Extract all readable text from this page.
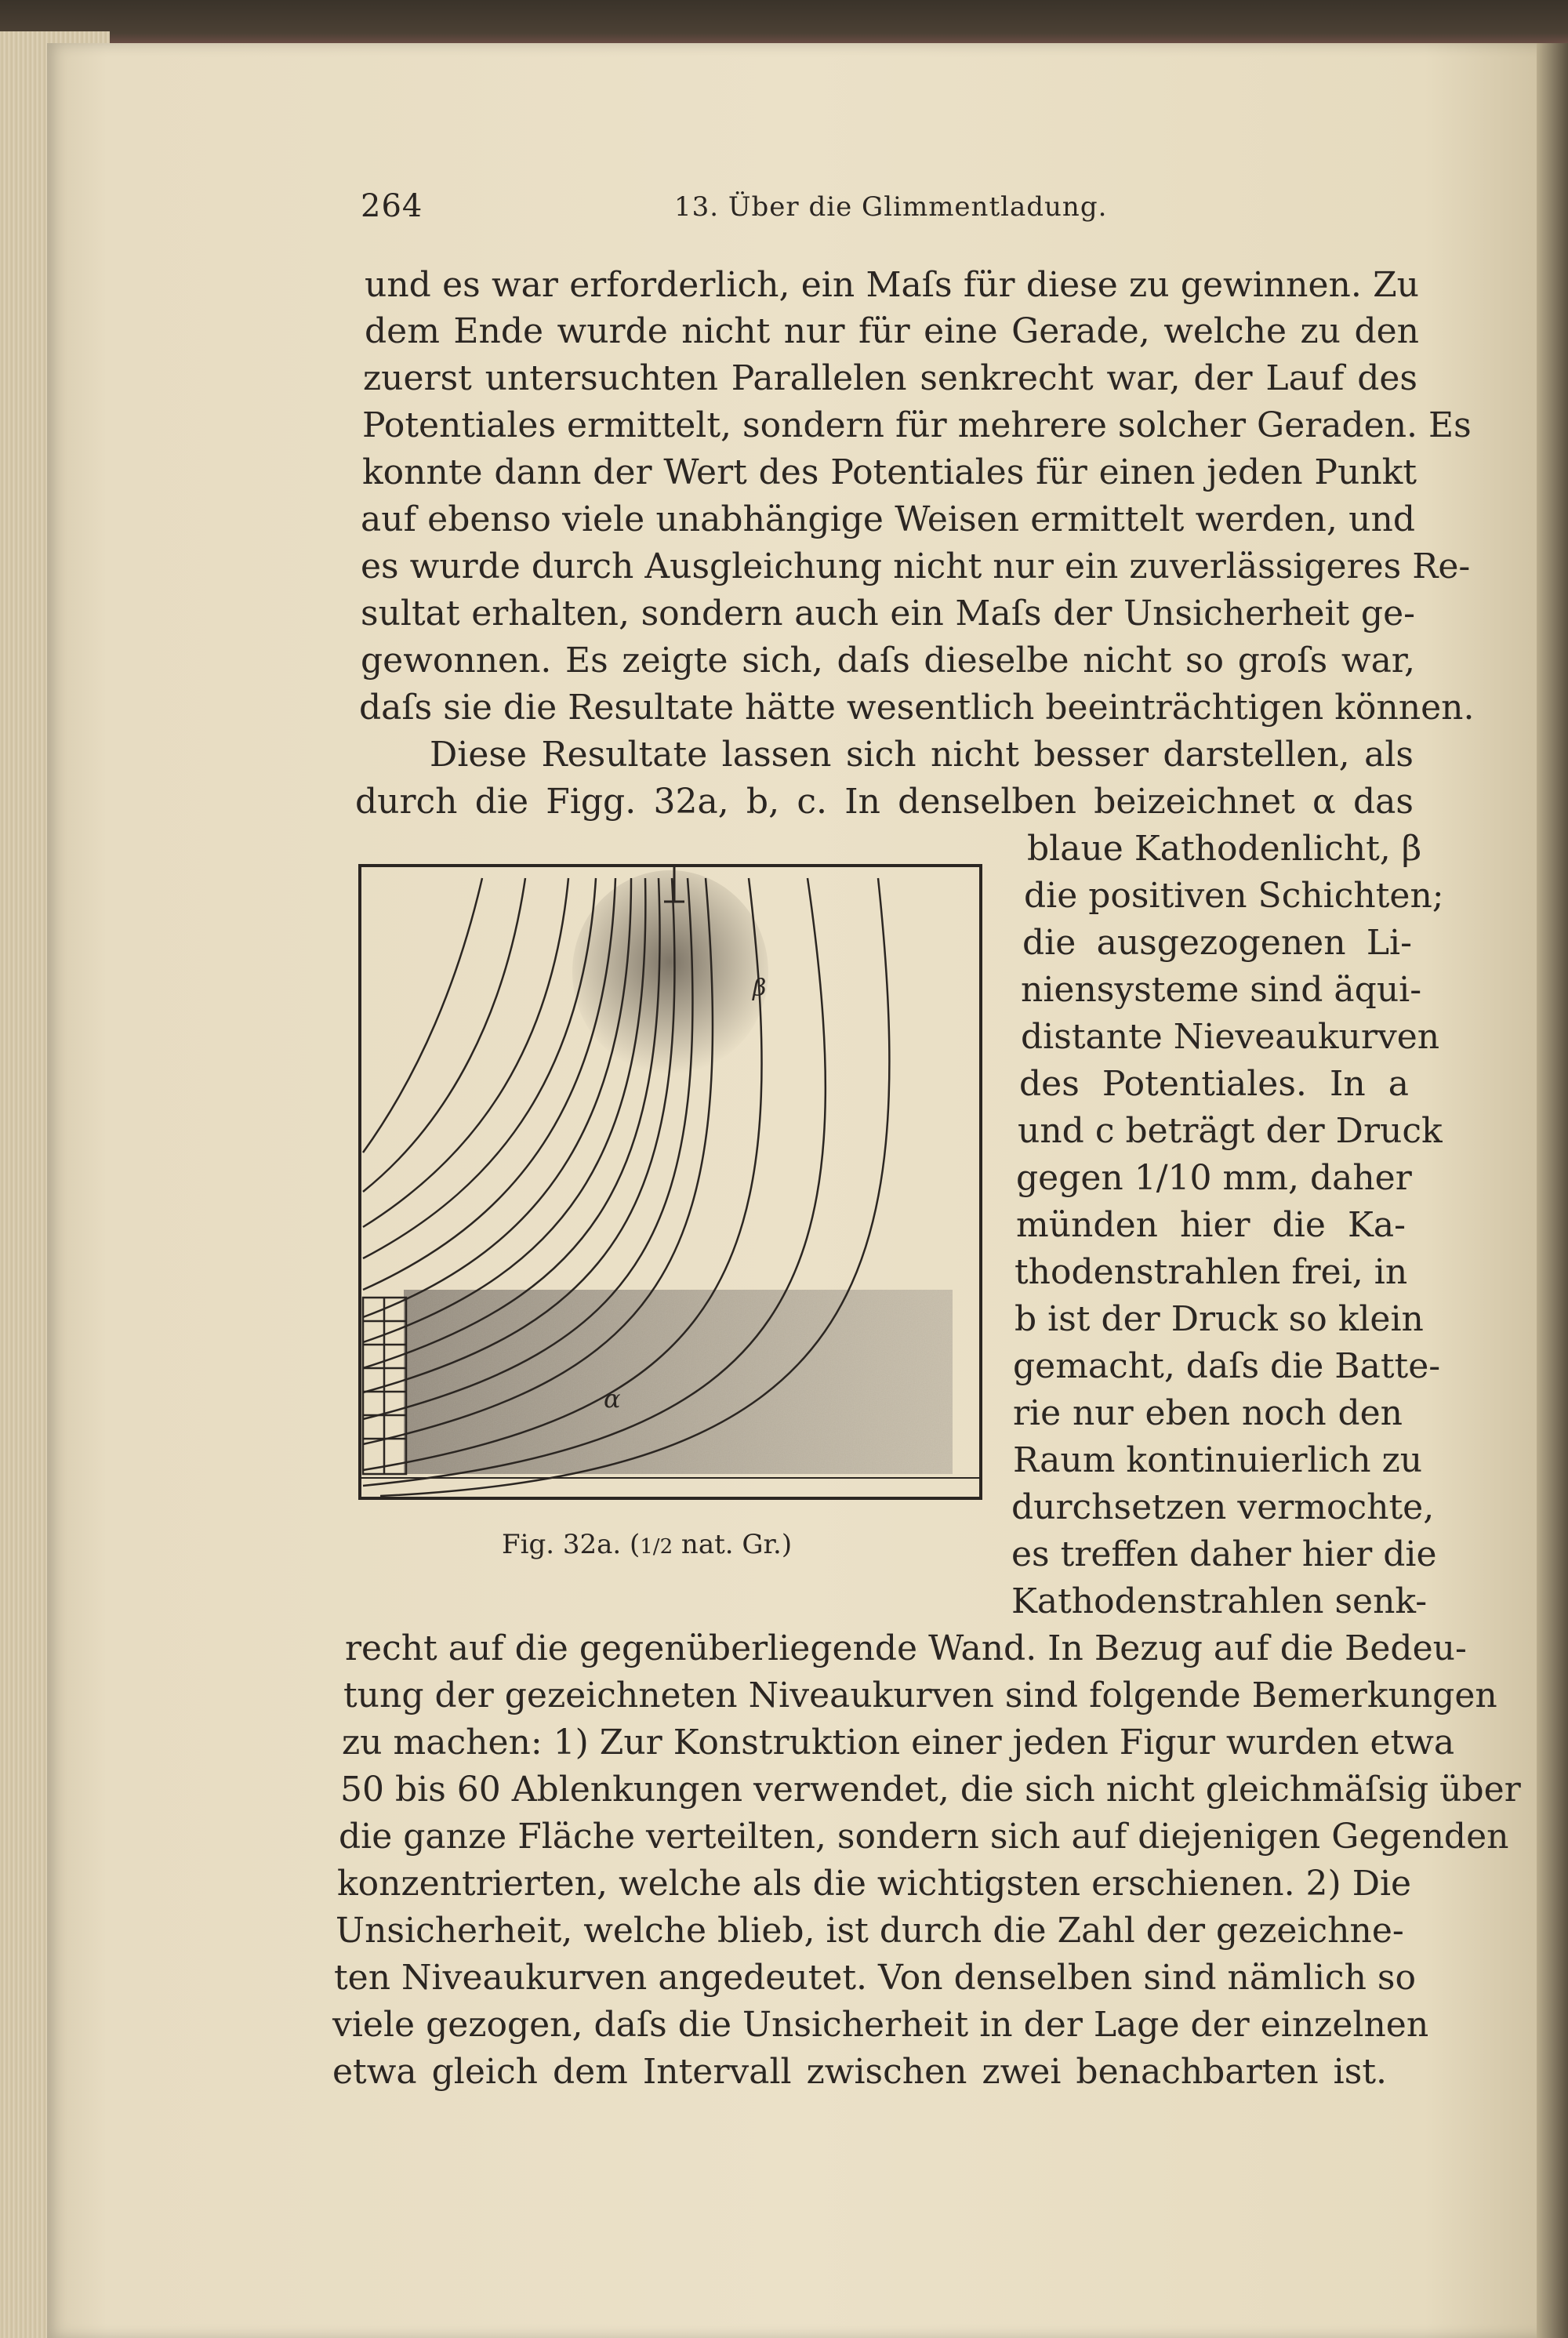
264	13. Über die Glimmentladung.
und es war erforderlich, ein Maſs für diese zu gewinnen. Zu
dem Ende wurde nicht nur für eine Gerade, welche zu den
zuerst untersuchten Parallelen senkrecht war, der Lauf des
Potentiales ermittelt, sondern für mehrere solcher Geraden. Es
konnte dann der Wert des Potentiales für einen jeden Punkt
auf ebenso viele unabhängige Weisen ermittelt werden, und
es wurde durch Ausgleichung nicht nur ein zuverlässigeres Re-
sultat erhalten, sondern auch ein Maſs der Unsicherheit ge-
gewonnen. Es zeigte sich, daſs dieselbe nicht so groſs war,
daſs sie die Resultate hätte wesentlich beeinträchtigen können.
Diese Resultate lassen sich nicht besser darstellen, als
durch die Figg. 32a, b, c. In denselben beizeichnet α das
blaue Kathodenlicht, β
die positiven Schichten;
die ausgezogenen Li-
niensysteme sind äqui-
distante Nieveaukurven
des Potentiales. In a
und c beträgt der Druck
gegen 1/10 mm, daher
münden hier die Ka-
thodenstrahlen frei, in
b ist der Druck so klein
gemacht, daſs die Batte-
rie nur eben noch den
Raum kontinuierlich zu
durchsetzen vermochte,
es treffen daher hier die
Kathodenstrahlen senk-
recht auf die gegenüberliegende Wand. In Bezug auf die Bedeu-
tung der gezeichneten Niveaukurven sind folgende Bemerkungen
zu machen: 1) Zur Konstruktion einer jeden Figur wurden etwa
50 bis 60 Ablenkungen verwendet, die sich nicht gleichmäſsig über
die ganze Fläche verteilten, sondern sich auf diejenigen Gegenden
konzentrierten, welche als die wichtigsten erschienen. 2) Die
Unsicherheit, welche blieb, ist durch die Zahl der gezeichne-
ten Niveaukurven angedeutet. Von denselben sind nämlich so
viele gezogen, daſs die Unsicherheit in der Lage der einzelnen
etwa gleich dem Intervall zwischen zwei benachbarten ist.
β
α
Fig. 32a. (1/2 nat. Gr.)
